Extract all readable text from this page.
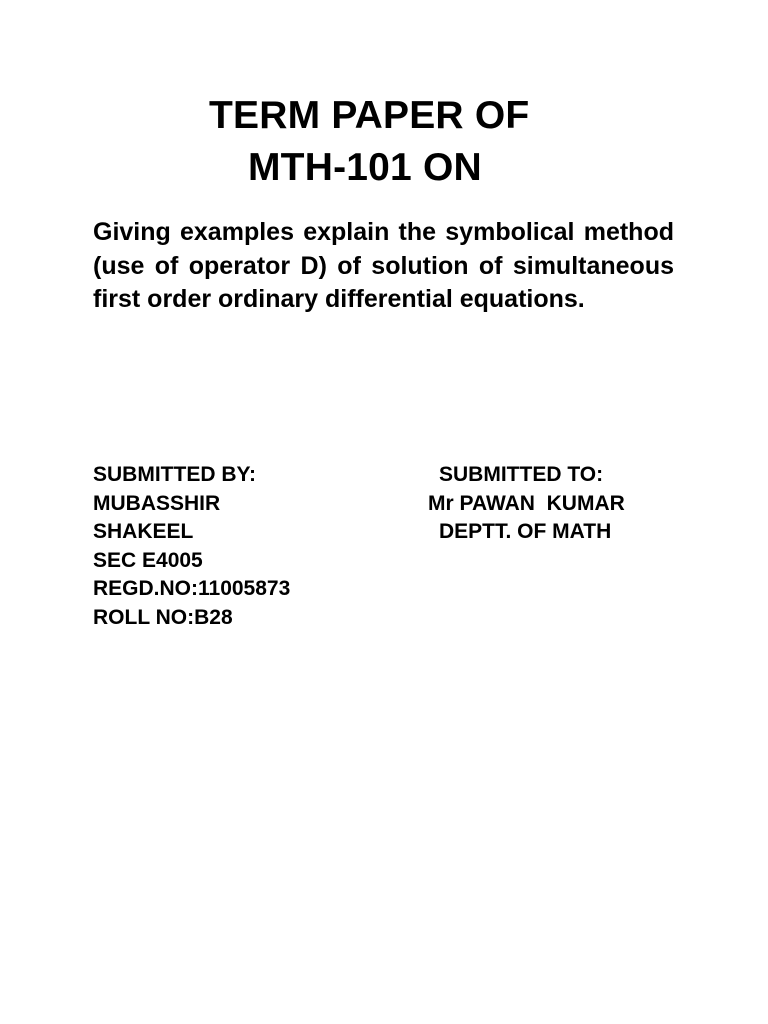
TERM PAPER OF
MTH-101 ON
Giving examples explain the symbolical method (use of operator D) of solution of simultaneous first order ordinary differential equations.
SUBMITTED BY:
MUBASSHIR
SHAKEEL
SEC E4005
REGD.NO:11005873
ROLL NO:B28
SUBMITTED TO:
Mr PAWAN  KUMAR
DEPTT. OF MATH
